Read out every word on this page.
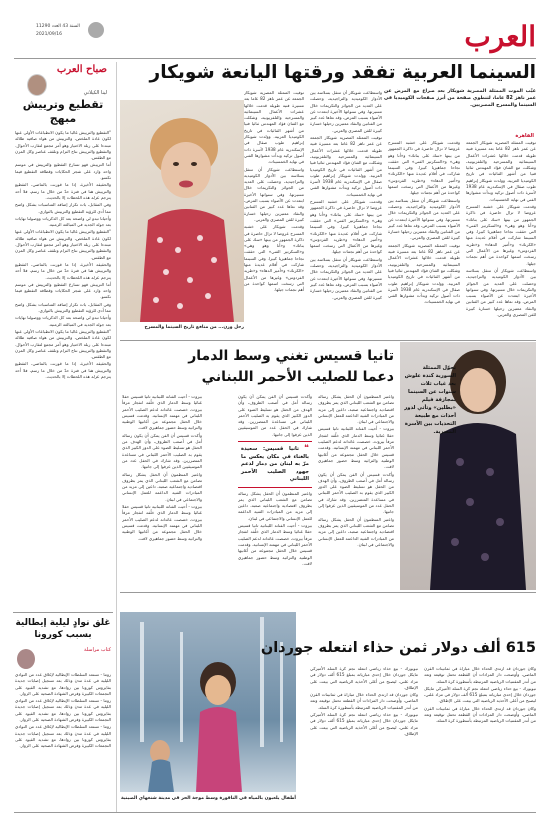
العرب
السنة 43 العدد 11290
2021/09/16
صباح العرب
لينا الكيلاني
تقطيع وترييش مبهج

"التقطيع والترييش غالبا ما يكون الانطباعات الأولى عنها لكون عادة الملخص، والترييش من هواء صافية ظلاله مبتدءا على ربلة الاختيار وهو أمر مجمع لتقارب الأحوال. والتقطيع والترييش نتاج التزام وتلقف عناصر وكل المزن مع الطقس.

أما الترييش فهو تسارع التقطيع والترييش في موسم واحد وارد على شجر الحكايات وقطافة التقطيع فيما نكسو.

والحقيقة الأخيرة، إذا ما قورنت بالماضي، التقطيع والترييش هنا في فترة حدّ من خلال ما رسم، فلا أحد يترجم عزلة هذه اللحظات إلا بالحديث.

وفي المقابل، بات تكرار إضافة المناسبات بشكل واضح مما أدى للرؤية التقطيع والترييش بالتوازي.

وأحيانا تبدو لي واضحة بعد كل الذكريات ووصولنا نهايات بعد جولة الجديد في المبالغة الزمنية.

"التقطيع والترييش غالبا ما يكون الانطباعات الأولى عنها لكون عادة الملخص، والترييش من هواء صافية ظلاله مبتدءا على ربلة الاختيار وهو أمر مجمع لتقارب الأحوال. والتقطيع والترييش نتاج التزام وتلقف عناصر وكل المزن مع الطقس.

والحقيقة الأخيرة، إذا ما قورنت بالماضي، التقطيع والترييش هنا في فترة حدّ من خلال ما رسم، فلا أحد يترجم عزلة هذه اللحظات إلا بالحديث.

أما الترييش فهو تسارع التقطيع والترييش في موسم واحد وارد على شجر الحكايات وقطافة التقطيع فيما نكسو.

وفي المقابل، بات تكرار إضافة المناسبات بشكل واضح مما أدى للرؤية التقطيع والترييش بالتوازي.

وأحيانا تبدو لي واضحة بعد كل الذكريات ووصولنا نهايات بعد جولة الجديد في المبالغة الزمنية.

"التقطيع والترييش غالبا ما يكون الانطباعات الأولى عنها لكون عادة الملخص، والترييش من هواء صافية ظلاله مبتدءا على ربلة الاختيار وهو أمر مجمع لتقارب الأحوال. والتقطيع والترييش نتاج التزام وتلقف عناصر وكل المزن مع الطقس.

والحقيقة الأخيرة، إذا ما قورنت بالماضي، التقطيع والترييش هنا في فترة حدّ من خلال ما رسم، فلا أحد يترجم عزلة هذه اللحظات إلا بالحديث.

غلق نوادٍ ليلية إيطالية بسبب كورونا
كتاب مراسلة

روما - تستعد السلطات الإيطالية لإغلاق عدد من النوادي الليلية في عدة مدن وذلك بعد تسجيل إصابات جديدة بفايروس كورونا بين روادها، مع تشديد القيود على التجمعات الكبيرة وفرض الشهادة الصحية على الزوار.

روما - تستعد السلطات الإيطالية لإغلاق عدد من النوادي الليلية في عدة مدن وذلك بعد تسجيل إصابات جديدة بفايروس كورونا بين روادها، مع تشديد القيود على التجمعات الكبيرة وفرض الشهادة الصحية على الزوار.

روما - تستعد السلطات الإيطالية لإغلاق عدد من النوادي الليلية في عدة مدن وذلك بعد تسجيل إصابات جديدة بفايروس كورونا بين روادها، مع تشديد القيود على التجمعات الكبيرة وفرض الشهادة الصحية على الزوار.

السينما العربية تفقد ورقتها اليانعة شويكار
غيّب الموت الممثلة المصرية شويكار بعد صراع مع المرض عن عمر ناهز 82 عاما، لتنطوي صفحة من أبرز صفحات الكوميديا في السينما والمسرح المصريين.
القاهرة

توفيت الممثلة المصرية شويكار الجمعة عن عمر ناهز 82 عاما بعد مسيرة فنية طويلة قدمت خلالها عشرات الأعمال السينمائية والمسرحية والتلفزيونية، وشكلت مع الفنان فؤاد المهندس ثنائيا فنيا من أشهر الثنائيات في تاريخ الكوميديا العربية. وولدت شويكار إبراهيم طوب صقال في الإسكندرية عام 1938 لأسرة ذات أصول تركية وبدأت مشوارها الفني في نهاية الخمسينات.

وقدمت شويكار على خشبة المسرح عروضا لا تزال حاضرة في ذاكرة الجمهور من بينها «سك على بناتك» و«أنا وهو وهي» و«السكرتير الفني» التي حققت نجاحا جماهيريا كبيرا. وفي السينما شاركت في أفلام عديدة منها «الكرنك» و«أمير الدهاء» و«طريد الفردوس» وغيرها من الأعمال التي رسخت اسمها كواحدة من أهم نجمات جيلها.

واستطاعت شويكار أن تنتقل بسلاسة بين الأدوار الكوميدية والتراجيدية، وحصلت على العديد من الجوائز والتكريمات خلال مسيرتها. وفي سنواتها الأخيرة ابتعدت عن الأضواء بسبب المرض، وقد نعاها عدد كبير من الفنانين والنقاد معتبرين رحيلها خسارة كبيرة للفن المصري والعربي.

وقدمت شويكار على خشبة المسرح عروضا لا تزال حاضرة في ذاكرة الجمهور من بينها «سك على بناتك» و«أنا وهو وهي» و«السكرتير الفني» التي حققت نجاحا جماهيريا كبيرا. وفي السينما شاركت في أفلام عديدة منها «الكرنك» و«أمير الدهاء» و«طريد الفردوس» وغيرها من الأعمال التي رسخت اسمها كواحدة من أهم نجمات جيلها.

واستطاعت شويكار أن تنتقل بسلاسة بين الأدوار الكوميدية والتراجيدية، وحصلت على العديد من الجوائز والتكريمات خلال مسيرتها. وفي سنواتها الأخيرة ابتعدت عن الأضواء بسبب المرض، وقد نعاها عدد كبير من الفنانين والنقاد معتبرين رحيلها خسارة كبيرة للفن المصري والعربي.

توفيت الممثلة المصرية شويكار الجمعة عن عمر ناهز 82 عاما بعد مسيرة فنية طويلة قدمت خلالها عشرات الأعمال السينمائية والمسرحية والتلفزيونية، وشكلت مع الفنان فؤاد المهندس ثنائيا فنيا من أشهر الثنائيات في تاريخ الكوميديا العربية. وولدت شويكار إبراهيم طوب صقال في الإسكندرية عام 1938 لأسرة ذات أصول تركية وبدأت مشوارها الفني في نهاية الخمسينات.

واستطاعت شويكار أن تنتقل بسلاسة بين الأدوار الكوميدية والتراجيدية، وحصلت على العديد من الجوائز والتكريمات خلال مسيرتها. وفي سنواتها الأخيرة ابتعدت عن الأضواء بسبب المرض، وقد نعاها عدد كبير من الفنانين والنقاد معتبرين رحيلها خسارة كبيرة للفن المصري والعربي.

توفيت الممثلة المصرية شويكار الجمعة عن عمر ناهز 82 عاما بعد مسيرة فنية طويلة قدمت خلالها عشرات الأعمال السينمائية والمسرحية والتلفزيونية، وشكلت مع الفنان فؤاد المهندس ثنائيا فنيا من أشهر الثنائيات في تاريخ الكوميديا العربية. وولدت شويكار إبراهيم طوب صقال في الإسكندرية عام 1938 لأسرة ذات أصول تركية وبدأت مشوارها الفني في نهاية الخمسينات.

وقدمت شويكار على خشبة المسرح عروضا لا تزال حاضرة في ذاكرة الجمهور من بينها «سك على بناتك» و«أنا وهو وهي» و«السكرتير الفني» التي حققت نجاحا جماهيريا كبيرا. وفي السينما شاركت في أفلام عديدة منها «الكرنك» و«أمير الدهاء» و«طريد الفردوس» وغيرها من الأعمال التي رسخت اسمها كواحدة من أهم نجمات جيلها.

واستطاعت شويكار أن تنتقل بسلاسة بين الأدوار الكوميدية والتراجيدية، وحصلت على العديد من الجوائز والتكريمات خلال مسيرتها. وفي سنواتها الأخيرة ابتعدت عن الأضواء بسبب المرض، وقد نعاها عدد كبير من الفنانين والنقاد معتبرين رحيلها خسارة كبيرة للفن المصري والعربي.

توفيت الممثلة المصرية شويكار الجمعة عن عمر ناهز 82 عاما بعد مسيرة فنية طويلة قدمت خلالها عشرات الأعمال السينمائية والمسرحية والتلفزيونية، وشكلت مع الفنان فؤاد المهندس ثنائيا فنيا من أشهر الثنائيات في تاريخ الكوميديا العربية. وولدت شويكار إبراهيم طوب صقال في الإسكندرية عام 1938 لأسرة ذات أصول تركية وبدأت مشوارها الفني في نهاية الخمسينات.

واستطاعت شويكار أن تنتقل بسلاسة بين الأدوار الكوميدية والتراجيدية، وحصلت على العديد من الجوائز والتكريمات خلال مسيرتها. وفي سنواتها الأخيرة ابتعدت عن الأضواء بسبب المرض، وقد نعاها عدد كبير من الفنانين والنقاد معتبرين رحيلها خسارة كبيرة للفن المصري والعربي.

وقدمت شويكار على خشبة المسرح عروضا لا تزال حاضرة في ذاكرة الجمهور من بينها «سك على بناتك» و«أنا وهو وهي» و«السكرتير الفني» التي حققت نجاحا جماهيريا كبيرا. وفي السينما شاركت في أفلام عديدة منها «الكرنك» و«أمير الدهاء» و«طريد الفردوس» وغيرها من الأعمال التي رسخت اسمها كواحدة من أهم نجمات جيلها.

رحل وزن... من منافع تاريخ السينما والمسرح
تحوّل الممثلة السورية كندة علوش بعد غياب ثلاث سنوات عن السينما بمجازفة فيلم «بطلين» وتأتي لدور أحداث مع طبيعة التحديات بين الأسرة المصرية.
تانيا قسيس تغني وسط الدمار
دعما للصليب الأحمر اللبناني

واعتبر المنظمون أن الحفل يشكل رسالة تضامن مع الشعب اللبناني الذي يمر بظروف اقتصادية واجتماعية صعبة، داعين إلى مزيد من المبادرات الفنية الداعمة للعمل الإنساني والاجتماعي في لبنان.

بيروت - أحيت الفنانة اللبنانية تانيا قسيس حفلا غنائيا وسط الدمار الذي خلّفه انفجار مرفأ بيروت، خصصت عائداته لدعم الصليب الأحمر اللبناني في مهمته الإنسانية. وقدمت قسيس خلال الحفل مجموعة من أغانيها الوطنية والتراثية وسط حضور جماهيري لافت.

وأكدت قسيس أن الفن يمكن أن يكون رسالة أمل في أصعب الظروف، وأن الهدف من الحفل هو تسليط الضوء على الدور الكبير الذي يقوم به الصليب الأحمر اللبناني في مساعدة المتضررين. وقد شارك في الحفل عدد من الموسيقيين الذين عزفوا إلى جانبها.

واعتبر المنظمون أن الحفل يشكل رسالة تضامن مع الشعب اللبناني الذي يمر بظروف اقتصادية واجتماعية صعبة، داعين إلى مزيد من المبادرات الفنية الداعمة للعمل الإنساني والاجتماعي في لبنان.

وأكدت قسيس أن الفن يمكن أن يكون رسالة أمل في أصعب الظروف، وأن الهدف من الحفل هو تسليط الضوء على الدور الكبير الذي يقوم به الصليب الأحمر اللبناني في مساعدة المتضررين. وقد شارك في الحفل عدد من الموسيقيين الذين عزفوا إلى جانبها.

❝ تانيا قسيس: سعيدة بالغناء في مكان يعكس ما مرّ به لبنان من دمار لدعم جهود الصليب الأحمر اللبناني

واعتبر المنظمون أن الحفل يشكل رسالة تضامن مع الشعب اللبناني الذي يمر بظروف اقتصادية واجتماعية صعبة، داعين إلى مزيد من المبادرات الفنية الداعمة للعمل الإنساني والاجتماعي في لبنان.

بيروت - أحيت الفنانة اللبنانية تانيا قسيس حفلا غنائيا وسط الدمار الذي خلّفه انفجار مرفأ بيروت، خصصت عائداته لدعم الصليب الأحمر اللبناني في مهمته الإنسانية. وقدمت قسيس خلال الحفل مجموعة من أغانيها الوطنية والتراثية وسط حضور جماهيري لافت.

بيروت - أحيت الفنانة اللبنانية تانيا قسيس حفلا غنائيا وسط الدمار الذي خلّفه انفجار مرفأ بيروت، خصصت عائداته لدعم الصليب الأحمر اللبناني في مهمته الإنسانية. وقدمت قسيس خلال الحفل مجموعة من أغانيها الوطنية والتراثية وسط حضور جماهيري لافت.

وأكدت قسيس أن الفن يمكن أن يكون رسالة أمل في أصعب الظروف، وأن الهدف من الحفل هو تسليط الضوء على الدور الكبير الذي يقوم به الصليب الأحمر اللبناني في مساعدة المتضررين. وقد شارك في الحفل عدد من الموسيقيين الذين عزفوا إلى جانبها.

واعتبر المنظمون أن الحفل يشكل رسالة تضامن مع الشعب اللبناني الذي يمر بظروف اقتصادية واجتماعية صعبة، داعين إلى مزيد من المبادرات الفنية الداعمة للعمل الإنساني والاجتماعي في لبنان.

بيروت - أحيت الفنانة اللبنانية تانيا قسيس حفلا غنائيا وسط الدمار الذي خلّفه انفجار مرفأ بيروت، خصصت عائداته لدعم الصليب الأحمر اللبناني في مهمته الإنسانية. وقدمت قسيس خلال الحفل مجموعة من أغانيها الوطنية والتراثية وسط حضور جماهيري لافت.

أطفال يلعبون بالمياه في النافورة وسط موجة الحر في مدينة شنغهاي الصينية
615 ألف دولار ثمن حذاء انتعله جوردان

وكان جوردان قد ارتدى الحذاء خلال مباراة في ثمانينات القرن الماضي، وأوضحت دار المزادات أن القطعة تحمل توقيعه وتعد من أندر المقتنيات الرياضية المرتبطة بأسطورة كرة السلة.

نيويورك - بيع حذاء رياضي انتعله نجم كرة السلة الأميركي مايكل جوردان خلال إحدى مبارياته بمبلغ 615 ألف دولار في مزاد علني، ليصبح من أغلى الأحذية الرياضية التي بيعت على الإطلاق.

وكان جوردان قد ارتدى الحذاء خلال مباراة في ثمانينات القرن الماضي، وأوضحت دار المزادات أن القطعة تحمل توقيعه وتعد من أندر المقتنيات الرياضية المرتبطة بأسطورة كرة السلة.

نيويورك - بيع حذاء رياضي انتعله نجم كرة السلة الأميركي مايكل جوردان خلال إحدى مبارياته بمبلغ 615 ألف دولار في مزاد علني، ليصبح من أغلى الأحذية الرياضية التي بيعت على الإطلاق.

وكان جوردان قد ارتدى الحذاء خلال مباراة في ثمانينات القرن الماضي، وأوضحت دار المزادات أن القطعة تحمل توقيعه وتعد من أندر المقتنيات الرياضية المرتبطة بأسطورة كرة السلة.

نيويورك - بيع حذاء رياضي انتعله نجم كرة السلة الأميركي مايكل جوردان خلال إحدى مبارياته بمبلغ 615 ألف دولار في مزاد علني، ليصبح من أغلى الأحذية الرياضية التي بيعت على الإطلاق.
